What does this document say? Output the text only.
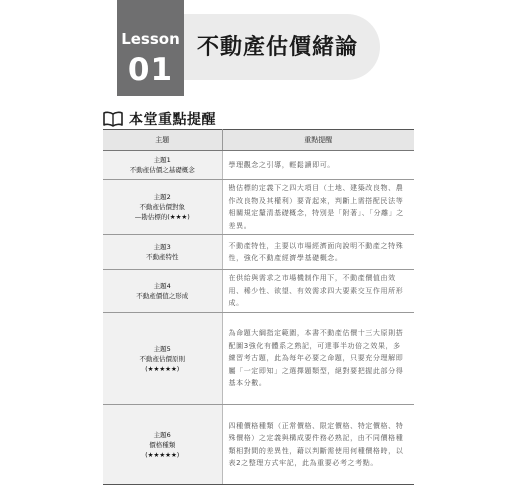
Lesson
01
不動產估價緒論
本堂重點提醒
主題	重點提醒

主題1
不動產估價之基礎概念	學理觀念之引導，輕鬆讀即可。

主題2
不動產估價對象
—勘估標的(★★★)	勘估標的定義下之四大項目（土地、建築改良物、農作改良物及其權利）要背起來，判斷上需搭配民法等相關規定釐清基礎概念，特別是「附著」、「分離」之差異。

主題3
不動產特性	不動產特性，主要以市場經濟面向說明不動產之特殊性，強化不動產經濟學基礎概念。

主題4
不動產價值之形成	在供給與需求之市場機制作用下，不動產價值由效用、稀少性、欲望、有效需求四大要素交互作用所形成。

主題5
不動產估價原則
(★★★★★)	為命題大綱指定範圍，本書不動產估價十三大原則搭配圖3強化有體系之熟記，可達事半功倍之效果，多練習考古題，此為每年必要之命題，只要充分理解即屬「一定即知」之選擇題類型，絕對要把握此部分得基本分數。

主題6
價格種類
(★★★★★)	四種價格種類（正常價格、限定價格、特定價格、特殊價格）之定義與構成要件務必熟記，由不同價格種類相對間的差異性，藉以判斷需使用何種價格時，以表2之整理方式牢記，此為重要必考之考點。
